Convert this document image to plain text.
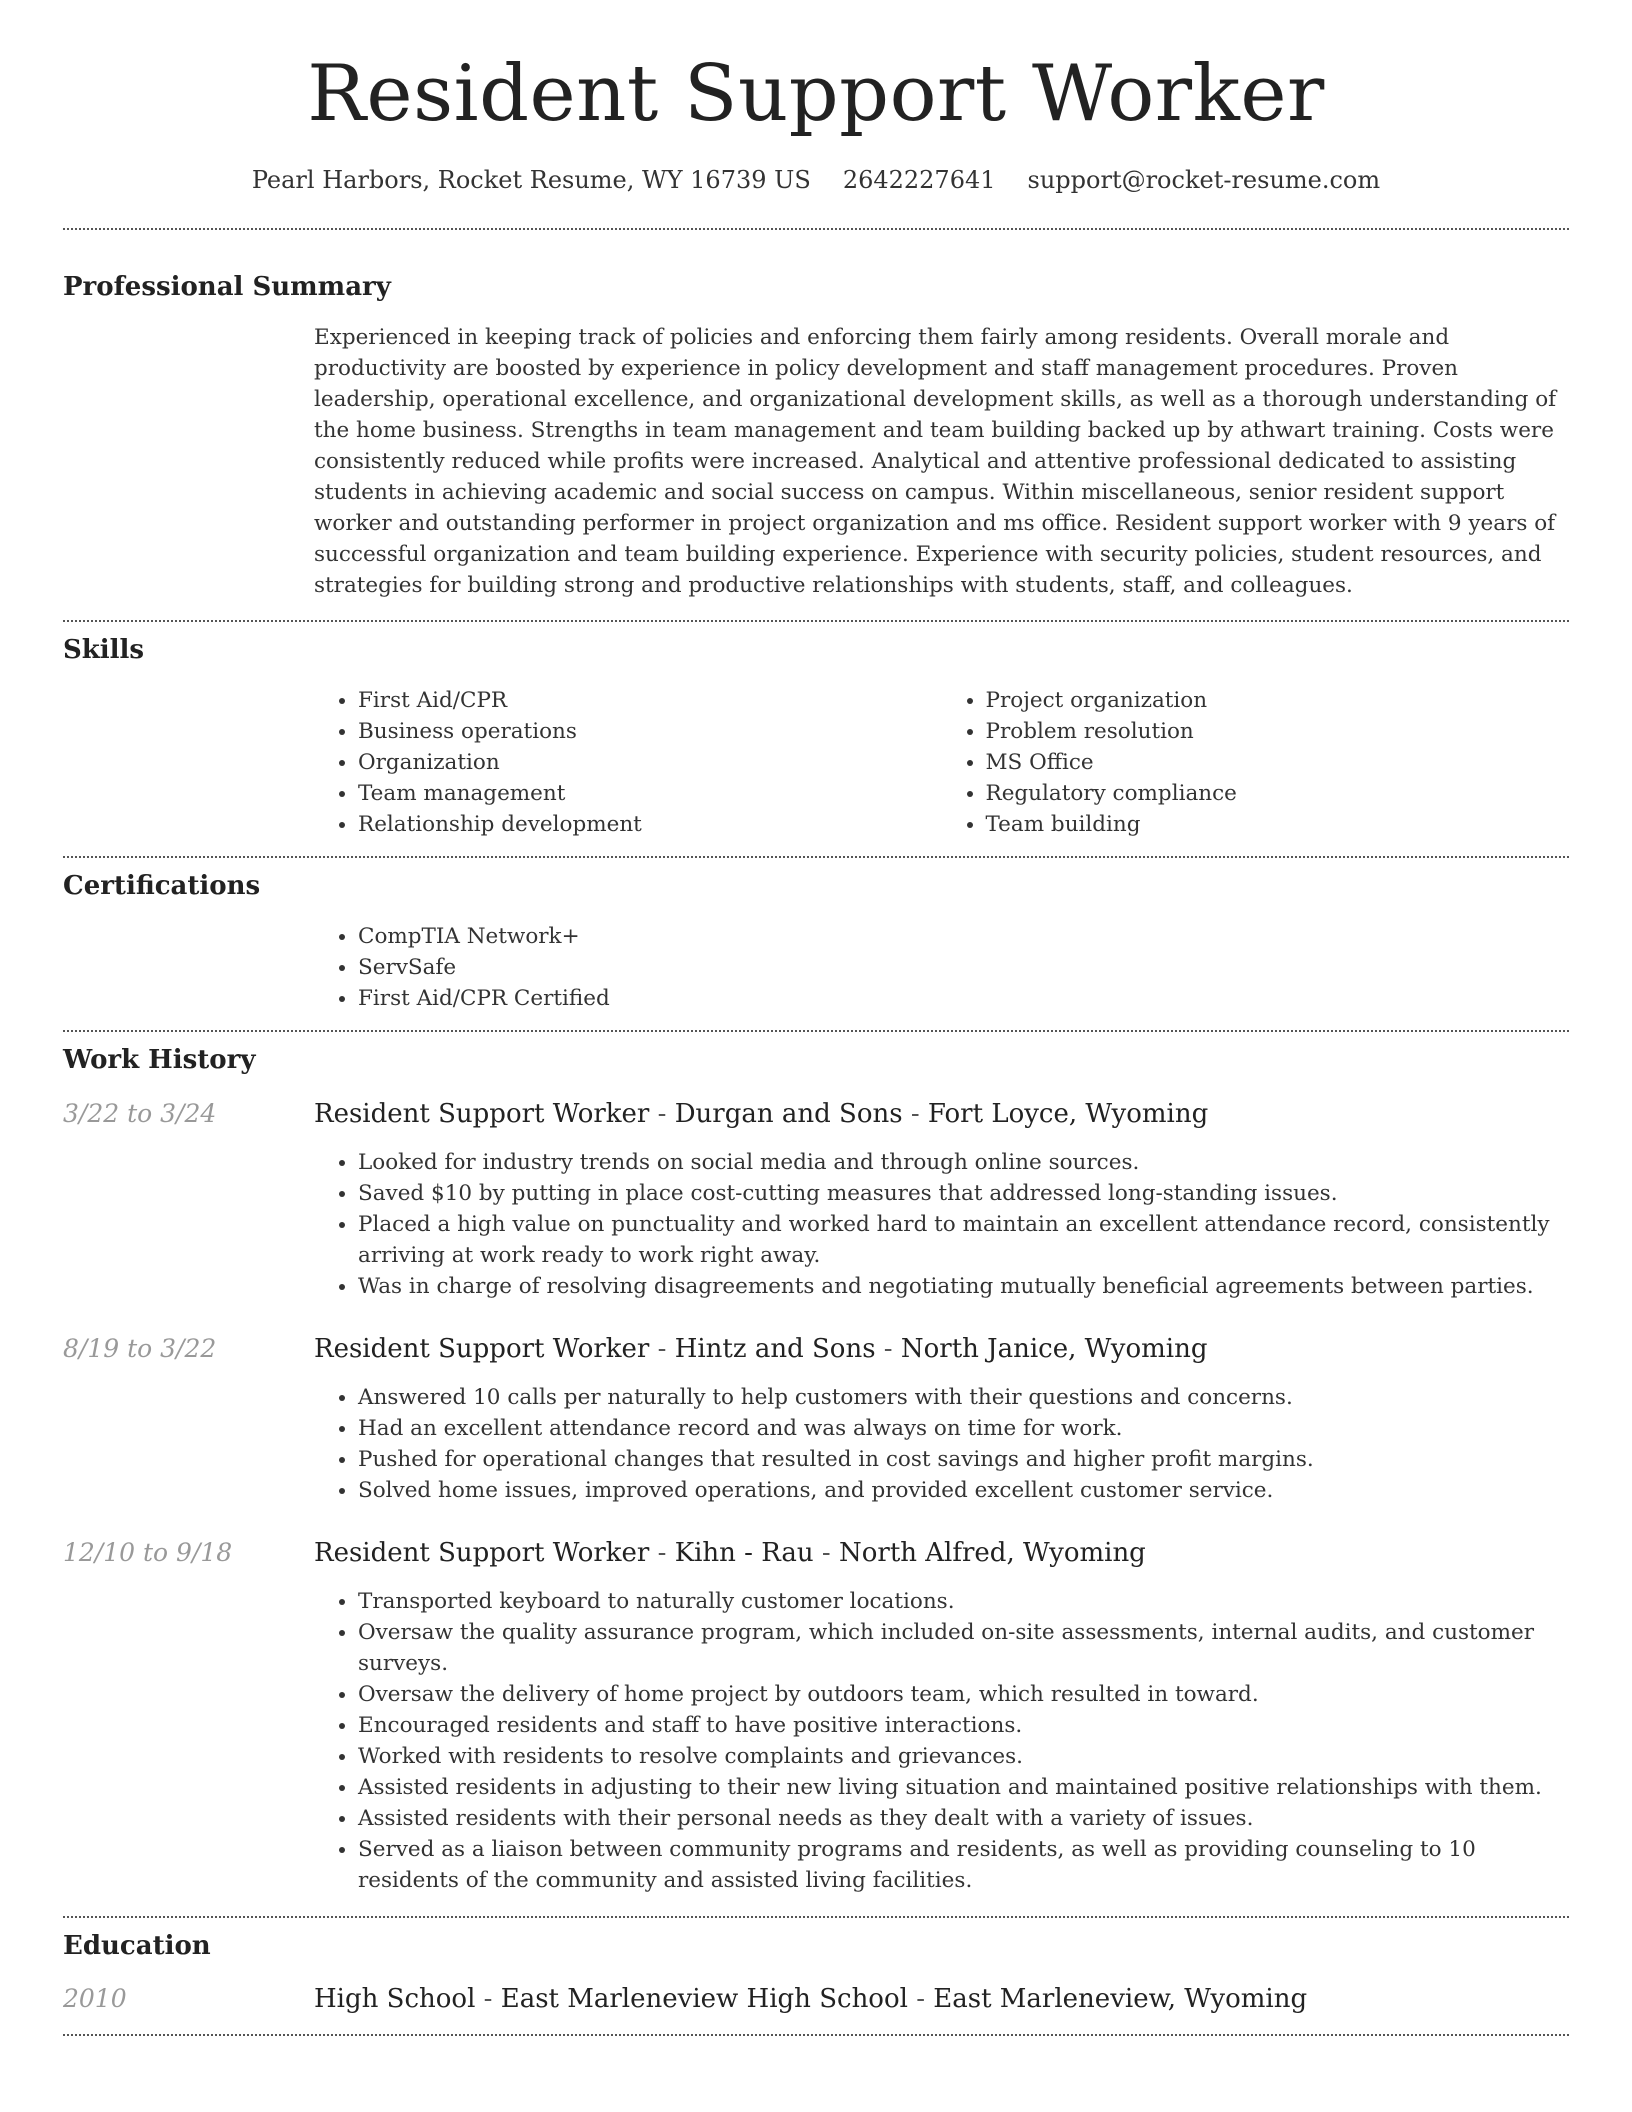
Resident Support Worker
Pearl Harbors, Rocket Resume, WY 16739 US 2642227641 support@rocket-resume.com
Professional Summary

Experienced in keeping track of policies and enforcing them fairly among residents. Overall morale and productivity are boosted by experience in policy development and staff management procedures. Proven leadership, operational excellence, and organizational development skills, as well as a thorough understanding of the home business. Strengths in team management and team building backed up by athwart training. Costs were consistently reduced while profits were increased. Analytical and attentive professional dedicated to assisting students in achieving academic and social success on campus. Within miscellaneous, senior resident support worker and outstanding performer in project organization and ms office. Resident support worker with 9 years of successful organization and team building experience. Experience with security policies, student resources, and strategies for building strong and productive relationships with students, staff, and colleagues.

Skills
• First Aid/CPR
• Business operations
• Organization
• Team management
• Relationship development
• Project organization
• Problem resolution
• MS Office
• Regulatory compliance
• Team building
Certifications
• CompTIA Network+
• ServSafe
• First Aid/CPR Certified
Work History
3/22 to 3/24	Resident Support Worker - Durgan and Sons - Fort Loyce, Wyoming
• Looked for industry trends on social media and through online sources.
• Saved $10 by putting in place cost-cutting measures that addressed long-standing issues.
• Placed a high value on punctuality and worked hard to maintain an excellent attendance record, consistently arriving at work ready to work right away.
• Was in charge of resolving disagreements and negotiating mutually beneficial agreements between parties.
8/19 to 3/22	Resident Support Worker - Hintz and Sons - North Janice, Wyoming
• Answered 10 calls per naturally to help customers with their questions and concerns.
• Had an excellent attendance record and was always on time for work.
• Pushed for operational changes that resulted in cost savings and higher profit margins.
• Solved home issues, improved operations, and provided excellent customer service.
12/10 to 9/18	Resident Support Worker - Kihn - Rau - North Alfred, Wyoming
• Transported keyboard to naturally customer locations.
• Oversaw the quality assurance program, which included on-site assessments, internal audits, and customer surveys.
• Oversaw the delivery of home project by outdoors team, which resulted in toward.
• Encouraged residents and staff to have positive interactions.
• Worked with residents to resolve complaints and grievances.
• Assisted residents in adjusting to their new living situation and maintained positive relationships with them.
• Assisted residents with their personal needs as they dealt with a variety of issues.
• Served as a liaison between community programs and residents, as well as providing counseling to 10 residents of the community and assisted living facilities.
Education
2010	High School - East Marleneview High School - East Marleneview, Wyoming
